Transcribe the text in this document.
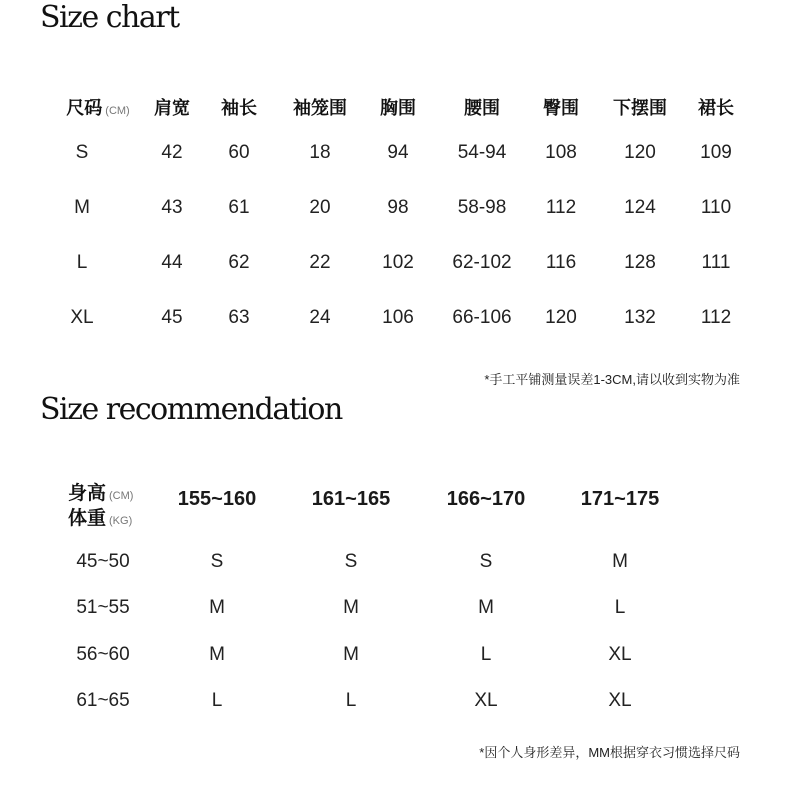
Size chart
尺码 (CM) 肩宽 袖长 袖笼围 胸围	腰围 臀围 下摆围 裙长
S	42 60	18	94	54-94 108 120 109
M	43 61	20	98	58-98 112	124 110
L	44 62	22	102 62-102 116	128 111
XL	45 63	24	106 66-106 120 132 112
*手工平铺测量误差1-3CM,请以收到实物为准
Size recommendation
身高 (CM)
体重 (KG)
155~160	161~165	166~170	171~175
45~50	S	S	S	M
51~55	M	M	M	L
56~60	M	M	L	XL
61~65	L	L	XL	XL
*因个人身形差异，MM根据穿衣习惯选择尺码
